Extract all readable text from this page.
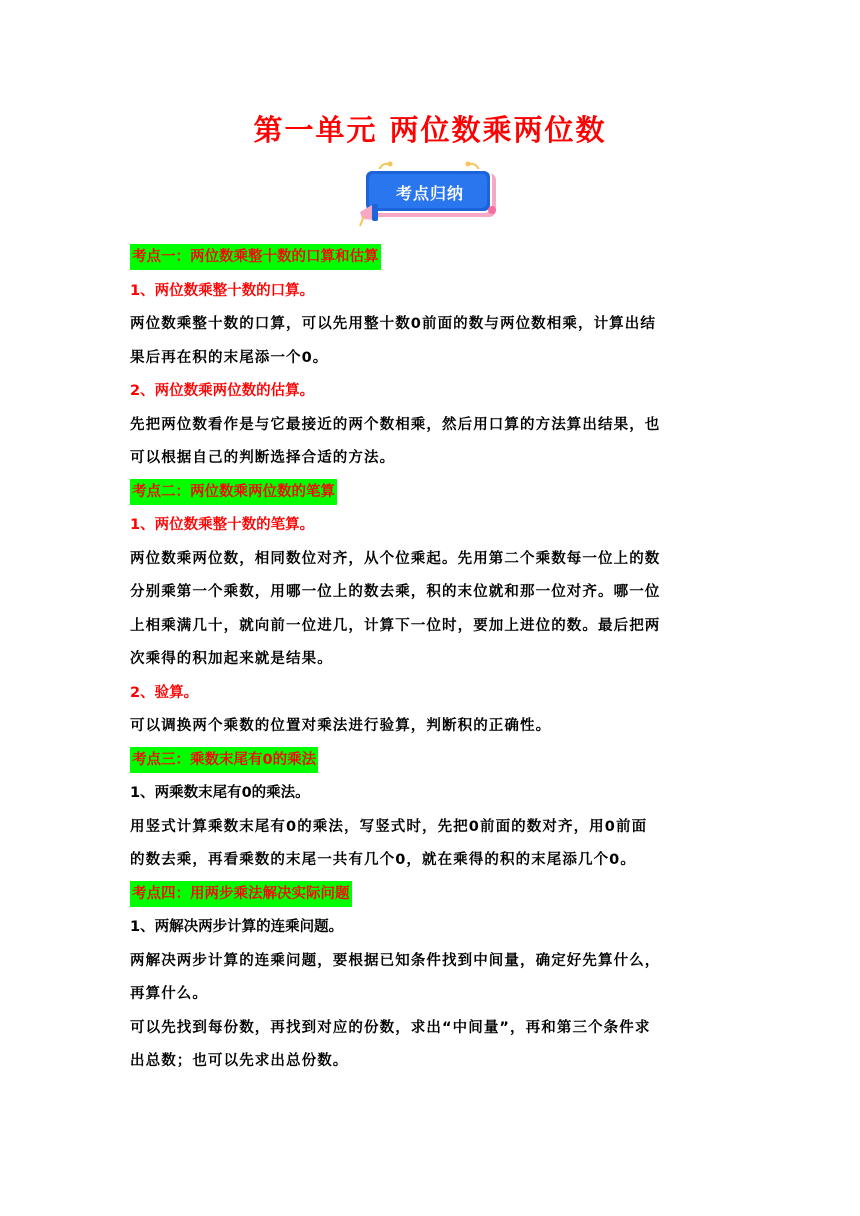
第一单元 两位数乘两位数
考点归纳
考点一：两位数乘整十数的口算和估算

1、两位数乘整十数的口算。

两位数乘整十数的口算，可以先用整十数0前面的数与两位数相乘，计算出结

果后再在积的末尾添一个0。

2、两位数乘两位数的估算。

先把两位数看作是与它最接近的两个数相乘，然后用口算的方法算出结果，也

可以根据自己的判断选择合适的方法。

考点二：两位数乘两位数的笔算

1、两位数乘整十数的笔算。

两位数乘两位数，相同数位对齐，从个位乘起。先用第二个乘数每一位上的数

分别乘第一个乘数，用哪一位上的数去乘，积的末位就和那一位对齐。哪一位

上相乘满几十，就向前一位进几，计算下一位时，要加上进位的数。最后把两

次乘得的积加起来就是结果。

2、验算。

可以调换两个乘数的位置对乘法进行验算，判断积的正确性。

考点三：乘数末尾有0的乘法

1、两乘数末尾有0的乘法。

用竖式计算乘数末尾有0的乘法，写竖式时，先把0前面的数对齐，用0前面

的数去乘，再看乘数的末尾一共有几个0，就在乘得的积的末尾添几个0。

考点四：用两步乘法解决实际问题

1、两解决两步计算的连乘问题。

两解决两步计算的连乘问题，要根据已知条件找到中间量，确定好先算什么，

再算什么。

可以先找到每份数，再找到对应的份数，求出“中间量”，再和第三个条件求

出总数；也可以先求出总份数。
